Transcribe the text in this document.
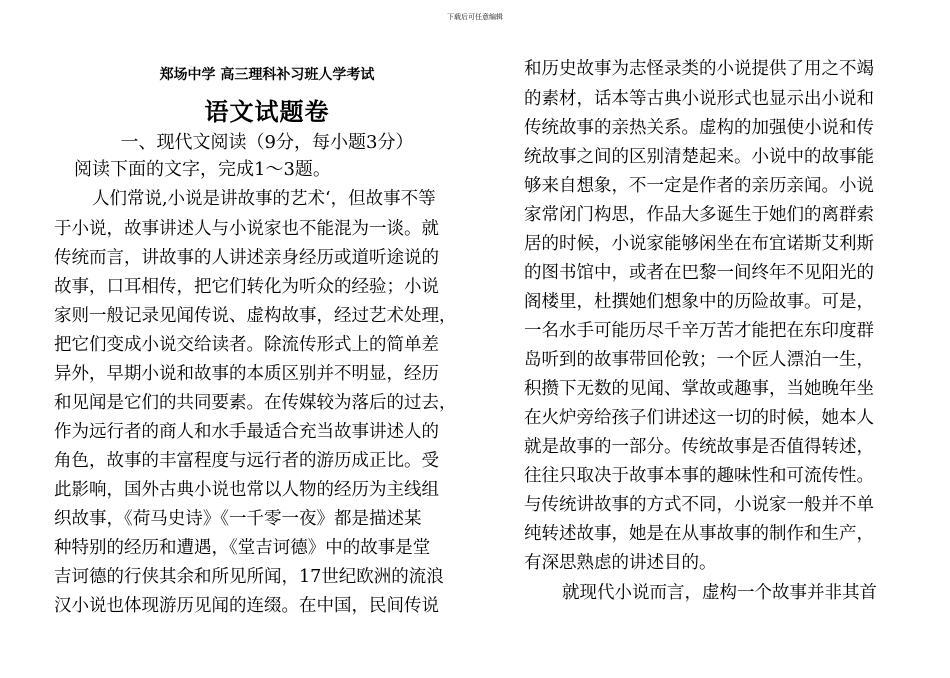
下载后可任意编辑
郑场中学 高三理科补习班人学考试
语文试题卷
一、现代文阅读（9分，每小题3分）
阅读下面的文字，完成1～3题。
人们常说,小说是讲故事的艺术‘，但故事不等
于小说，故事讲述人与小说家也不能混为一谈。就
传统而言，讲故事的人讲述亲身经历或道听途说的
故事，口耳相传，把它们转化为听众的经验；小说
家则一般记录见闻传说、虚构故事，经过艺术处理，
把它们变成小说交给读者。除流传形式上的简单差
异外，早期小说和故事的本质区别并不明显，经历
和见闻是它们的共同要素。在传媒较为落后的过去，
作为远行者的商人和水手最适合充当故事讲述人的
角色，故事的丰富程度与远行者的游历成正比。受
此影响，国外古典小说也常以人物的经历为主线组
织故事，《荷马史诗》《一千零一夜》都是描述某
种特别的经历和遭遇，《堂吉诃德》中的故事是堂
吉诃德的行侠其余和所见所闻，17世纪欧洲的流浪
汉小说也体现游历见闻的连缀。在中国，民间传说
和历史故事为志怪录类的小说提供了用之不竭
的素材，话本等古典小说形式也显示出小说和
传统故事的亲热关系。虚构的加强使小说和传
统故事之间的区别清楚起来。小说中的故事能
够来自想象，不一定是作者的亲历亲闻。小说
家常闭门构思，作品大多诞生于她们的离群索
居的时候，小说家能够闲坐在布宜诺斯艾利斯
的图书馆中，或者在巴黎一间终年不见阳光的
阁楼里，杜撰她们想象中的历险故事。可是，
一名水手可能历尽千辛万苦才能把在东印度群
岛听到的故事带回伦敦；一个匠人漂泊一生，
积攒下无数的见闻、掌故或趣事，当她晚年坐
在火炉旁给孩子们讲述这一切的时候，她本人
就是故事的一部分。传统故事是否值得转述，
往往只取决于故事本事的趣味性和可流传性。
与传统讲故事的方式不同，小说家一般并不单
纯转述故事，她是在从事故事的制作和生产，
有深思熟虑的讲述目的。
就现代小说而言，虚构一个故事并非其首
